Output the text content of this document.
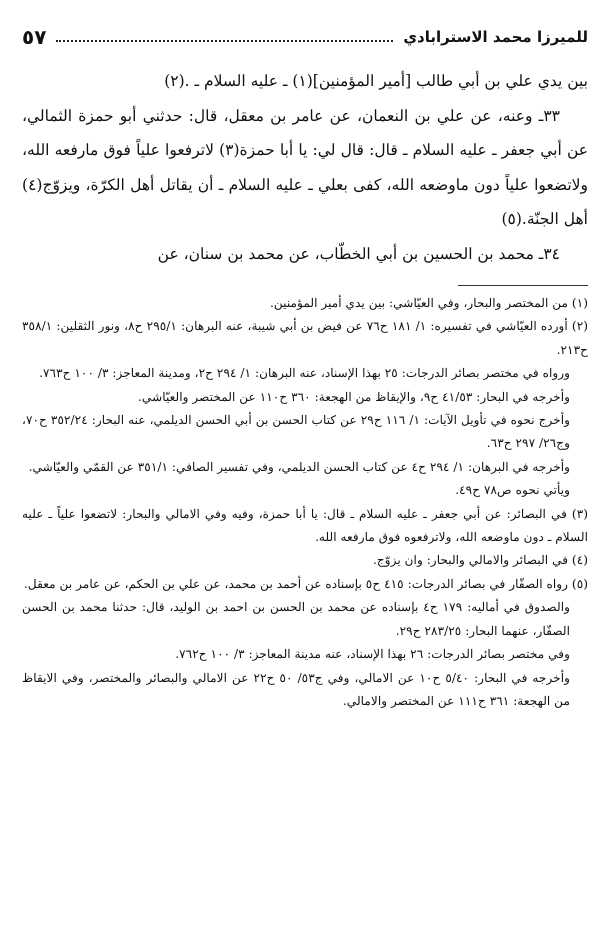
للميرزا محمد الاسترابادي
٥٧

بين يدي علي بن أبي طالب [أمير المؤمنين](١) ـ عليه السلام ـ .(٢)

٣٣ـ وعنه، عن علي بن النعمان، عن عامر بن معقل، قال: حدثني أبو حمزة الثمالي، عن أبي جعفر ـ عليه السلام ـ قال: قال لي: يا أبا حمزة(٣) لاترفعوا علياً فوق مارفعه الله، ولاتضعوا علياً دون ماوضعه الله، كفى بعلي ـ عليه السلام ـ أن يقاتل أهل الكرّة، ويزوّج(٤) أهل الجنّة.(٥)

٣٤ـ محمد بن الحسين بن أبي الخطّاب، عن محمد بن سنان، عن

(١) من المختصر والبحار، وفي العيّاشي: بين يدي أمير المؤمنين.

(٢) أورده العيّاشي في تفسيره: ١/ ١٨١ ح٧٦ عن فيض بن أبي شيبة، عنه البرهان: ٢٩٥/١ ح٨، ونور الثقلين: ٣٥٨/١ ح٢١٣.

ورواه في مختصر بصائر الدرجات: ٢٥ بهذا الإسناد، عنه البرهان: ١/ ٢٩٤ ح٢، ومدينة المعاجز: ٣/ ١٠٠ ح٧٦٣.

وأخرجه في البحار: ٤١/٥٣ ح٩، والإيقاظ من الهجعة: ٣٦٠ ح١١٠ عن المختصر والعيّاشي.

وأخرج نحوه في تأويل الآيات: ١/ ١١٦ ح٢٩ عن كتاب الحسن بن أبي الحسن الديلمي، عنه البحار: ٣٥٢/٢٤ ح٧٠، وج٢٦/ ٢٩٧ ح٦٣.

وأخرجه في البرهان: ١/ ٢٩٤ ح٤ عن كتاب الحسن الديلمي، وفي تفسير الصافي: ٣٥١/١ عن القمّي والعيّاشي.

ويأتي نحوه ص٧٨ ح٤٩.

(٣) في البصائر: عن أبي جعفر ـ عليه السلام ـ قال: يا أبا حمزة، وفيه وفي الامالي والبحار: لاتضعوا علياً ـ عليه السلام ـ دون ماوضعه الله، ولاترفعوه فوق مارفعه الله.

(٤) في البصائر والامالي والبحار: وان يزوّج.

(٥) رواه الصفّار في بصائر الدرجات: ٤١٥ ح٥ بإسناده عن أحمد بن محمد، عن علي بن الحكم، عن عامر بن معقل.

والصدوق في أماليه: ١٧٩ ح٤ بإسناده عن محمد بن الحسن بن احمد بن الوليد، قال: حدثنا محمد بن الحسن الصفّار، عنهما البحار: ٢٨٣/٢٥ ح٢٩.

وفي مختصر بصائر الدرجات: ٢٦ بهذا الإسناد، عنه مدينة المعاجز: ٣/ ١٠٠ ح٧٦٢.

وأخرجه في البحار: ٥/٤٠ ح١٠ عن الامالي، وفي ج٥٣/ ٥٠ ح٢٢ عن الامالي والبصائر والمختصر، وفي الايقاظ من الهجعة: ٣٦١ ح١١١ عن المختصر والامالي.
